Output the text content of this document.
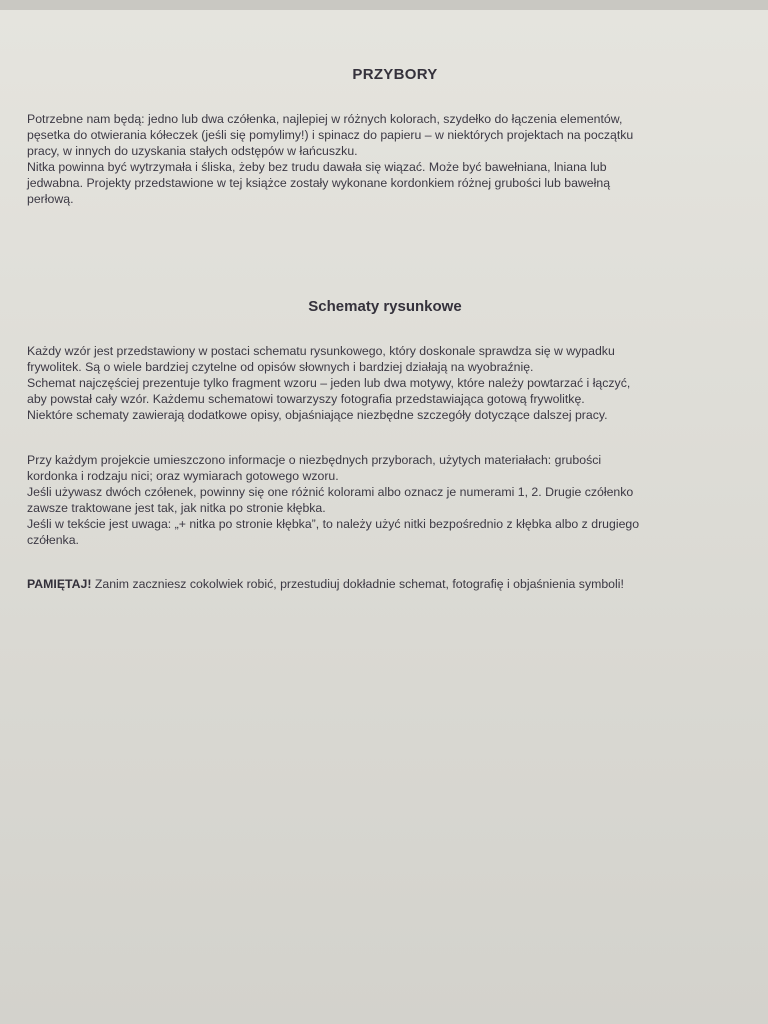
PRZYBORY
Potrzebne nam będą: jedno lub dwa czółenka, najlepiej w różnych kolorach, szydełko do łączenia elementów,
pęsetka do otwierania kółeczek (jeśli się pomylimy!) i spinacz do papieru – w niektórych projektach na początku
pracy, w innych do uzyskania stałych odstępów w łańcuszku.
Nitka powinna być wytrzymała i śliska, żeby bez trudu dawała się wiązać. Może być bawełniana, lniana lub
jedwabna. Projekty przedstawione w tej książce zostały wykonane kordonkiem różnej grubości lub bawełną
perłową.
Schematy rysunkowe
Każdy wzór jest przedstawiony w postaci schematu rysunkowego, który doskonale sprawdza się w wypadku
frywolitek. Są o wiele bardziej czytelne od opisów słownych i bardziej działają na wyobraźnię.
Schemat najczęściej prezentuje tylko fragment wzoru – jeden lub dwa motywy, które należy powtarzać i łączyć,
aby powstał cały wzór. Każdemu schematowi towarzyszy fotografia przedstawiająca gotową frywolitkę.
Niektóre schematy zawierają dodatkowe opisy, objaśniające niezbędne szczegóły dotyczące dalszej pracy.
Przy każdym projekcie umieszczono informacje o niezbędnych przyborach, użytych materiałach: grubości
kordonka i rodzaju nici; oraz wymiarach gotowego wzoru.
Jeśli używasz dwóch czółenek, powinny się one różnić kolorami albo oznacz je numerami 1, 2. Drugie czółenko
zawsze traktowane jest tak, jak nitka po stronie kłębka.
Jeśli w tekście jest uwaga: „+ nitka po stronie kłębka”, to należy użyć nitki bezpośrednio z kłębka albo z drugiego
czółenka.
PAMIĘTAJ! Zanim zaczniesz cokolwiek robić, przestudiuj dokładnie schemat, fotografię i objaśnienia symboli!
